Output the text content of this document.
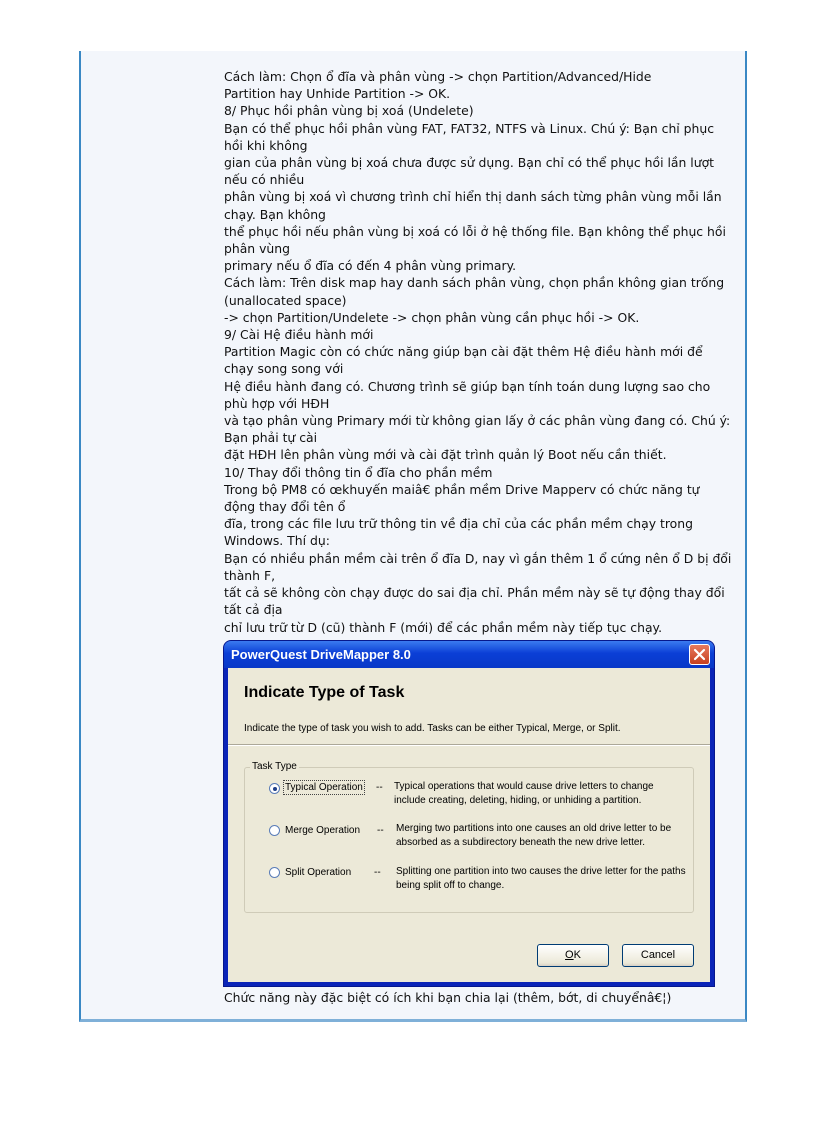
Cách làm: Chọn ổ đĩa và phân vùng -> chọn Partition/Advanced/Hide

Partition hay Unhide Partition -> OK.

8/ Phục hồi phân vùng bị xoá (Undelete)

Bạn có thể phục hồi phân vùng FAT, FAT32, NTFS và Linux. Chú ý: Bạn chỉ phục hồi khi không

gian của phân vùng bị xoá chưa được sử dụng. Bạn chỉ có thể phục hồi lần lượt nếu có nhiều

phân vùng bị xoá vì chương trình chỉ hiển thị danh sách từng phân vùng mỗi lần chạy. Bạn không

thể phục hồi nếu phân vùng bị xoá có lỗi ở hệ thống file. Bạn không thể phục hồi phân vùng

primary nếu ổ đĩa có đến 4 phân vùng primary.

Cách làm: Trên disk map hay danh sách phân vùng, chọn phần không gian trống (unallocated space)

-> chọn Partition/Undelete -> chọn phân vùng cần phục hồi -> OK.

9/ Cài Hệ điều hành mới

Partition Magic còn có chức năng giúp bạn cài đặt thêm Hệ điều hành mới để chạy song song với

Hệ điều hành đang có. Chương trình sẽ giúp bạn tính toán dung lượng sao cho phù hợp với HĐH

và tạo phân vùng Primary mới từ không gian lấy ở các phân vùng đang có. Chú ý: Bạn phải tự cài

đặt HĐH lên phân vùng mới và cài đặt trình quản lý Boot nếu cần thiết.

10/ Thay đổi thông tin ổ đĩa cho phần mềm

Trong bộ PM8 có œkhuyến maiâ€ phần mềm Drive Mapperv có chức năng tự động thay đổi tên ổ

đĩa, trong các file lưu trữ thông tin về địa chỉ của các phần mềm chạy trong Windows. Thí dụ:

Bạn có nhiều phần mềm cài trên ổ đĩa D, nay vì gắn thêm 1 ổ cứng nên ổ D bị đổi thành F,

tất cả sẽ không còn chạy được do sai địa chỉ. Phần mềm này sẽ tự động thay đổi tất cả địa

chỉ lưu trữ từ D (cũ) thành F (mới) để các phần mềm này tiếp tục chạy.

PowerQuest DriveMapper 8.0
Indicate Type of Task
Indicate the type of task you wish to add. Tasks can be either Typical, Merge, or Split.
Task Type
Typical Operation -- Typical operations that would cause drive letters to change include creating, deleting, hiding, or unhiding a partition.
Merge Operation -- Merging two partitions into one causes an old drive letter to be absorbed as a subdirectory beneath the new drive letter.
Split Operation -- Splitting one partition into two causes the drive letter for the paths being split off to change.
OK	Cancel
Chức năng này đặc biệt có ích khi bạn chia lại (thêm, bớt, di chuyểnâ€¦)
